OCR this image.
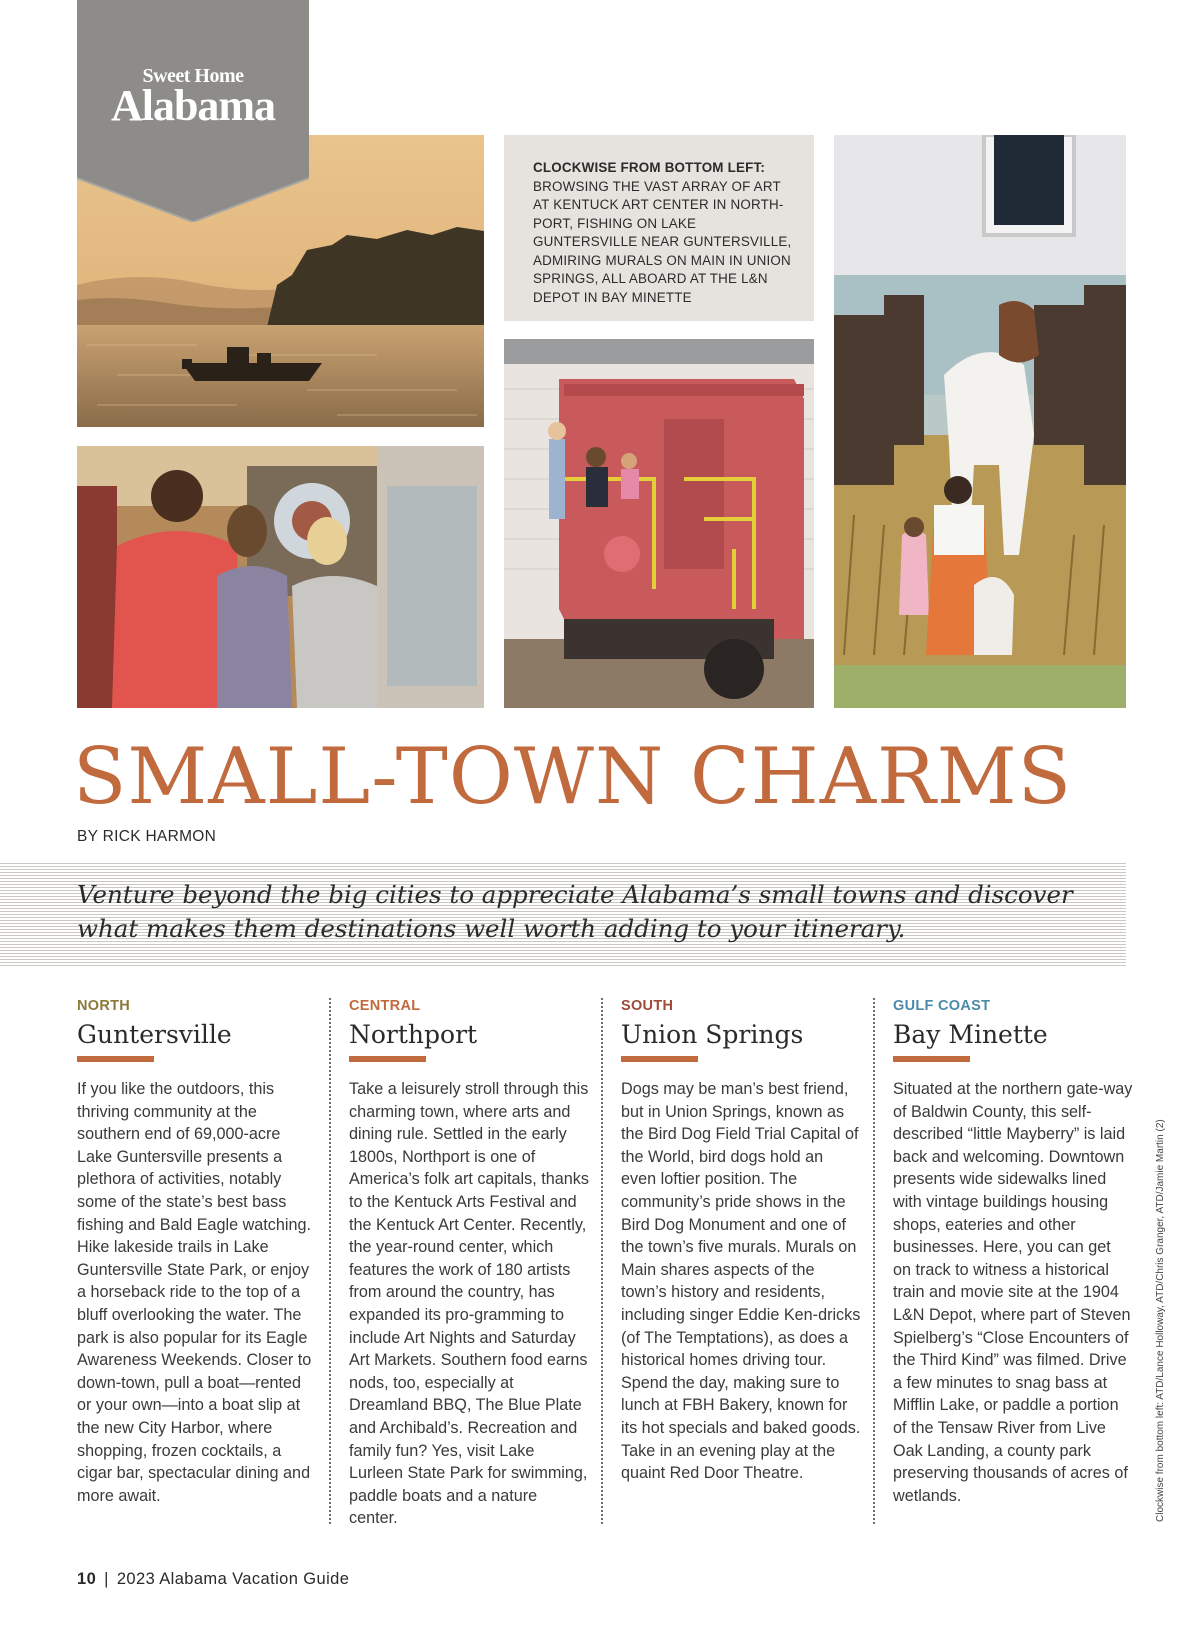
Sweet Home
Alabama
CLOCKWISE FROM BOTTOM LEFT:
BROWSING THE VAST ARRAY OF ART AT KENTUCK ART CENTER IN NORTH-PORT, FISHING ON LAKE GUNTERSVILLE NEAR GUNTERSVILLE, ADMIRING MURALS ON MAIN IN UNION SPRINGS, ALL ABOARD AT THE L&N DEPOT IN BAY MINETTE
SMALL-TOWN CHARMS
BY RICK HARMON

Venture beyond the big cities to appreciate Alabama’s small towns and discover what makes them destinations well worth adding to your itinerary.

NORTH
Guntersville

If you like the outdoors, this thriving community at the southern end of 69,000-acre Lake Guntersville presents a plethora of activities, notably some of the state’s best bass fishing and Bald Eagle watching. Hike lakeside trails in Lake Guntersville State Park, or enjoy a horseback ride to the top of a bluff overlooking the water. The park is also popular for its Eagle Awareness Weekends. Closer to down-town, pull a boat—rented or your own—into a boat slip at the new City Harbor, where shopping, frozen cocktails, a cigar bar, spectacular dining and more await.

CENTRAL
Northport

Take a leisurely stroll through this charming town, where arts and dining rule. Settled in the early 1800s, Northport is one of America’s folk art capitals, thanks to the Kentuck Arts Festival and the Kentuck Art Center. Recently, the year-round center, which features the work of 180 artists from around the country, has expanded its pro-gramming to include Art Nights and Saturday Art Markets. Southern food earns nods, too, especially at Dreamland BBQ, The Blue Plate and Archibald’s. Recreation and family fun? Yes, visit Lake Lurleen State Park for swimming, paddle boats and a nature center.

SOUTH
Union Springs

Dogs may be man’s best friend, but in Union Springs, known as the Bird Dog Field Trial Capital of the World, bird dogs hold an even loftier position. The community’s pride shows in the Bird Dog Monument and one of the town’s five murals. Murals on Main shares aspects of the town’s history and residents, including singer Eddie Ken-dricks (of The Temptations), as does a historical homes driving tour. Spend the day, making sure to lunch at FBH Bakery, known for its hot specials and baked goods. Take in an evening play at the quaint Red Door Theatre.

GULF COAST
Bay Minette

Situated at the northern gate-way of Baldwin County, this self-described “little Mayberry” is laid back and welcoming. Downtown presents wide sidewalks lined with vintage buildings housing shops, eateries and other businesses. Here, you can get on track to witness a historical train and movie site at the 1904 L&N Depot, where part of Steven Spielberg’s “Close Encounters of the Third Kind” was filmed. Drive a few minutes to snag bass at Mifflin Lake, or paddle a portion of the Tensaw River from Live Oak Landing, a county park preserving thousands of acres of wetlands.	Clockwise from bottom left: ATD/Lance Holloway, ATD/Chris Granger, ATD/Jamie Martin (2)
10 | 2023 Alabama Vacation Guide
